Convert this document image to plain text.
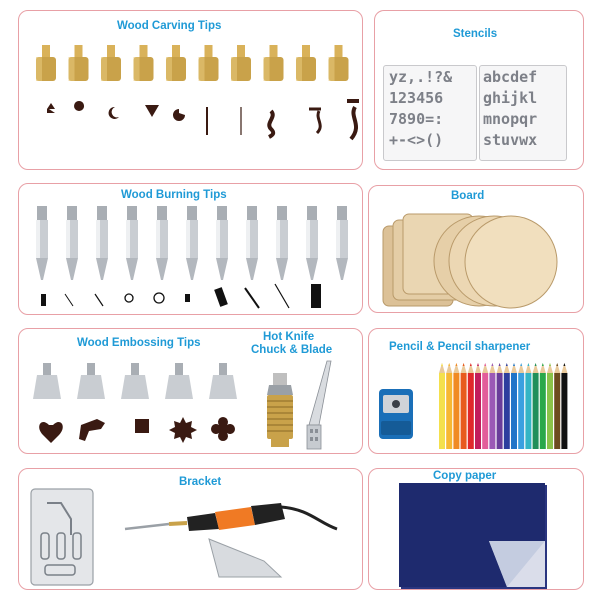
Wood Carving Tips
Stencils
yz,.!?&
123456
7890=:
+-<>()
abcdef
ghijkl
mnopqr
stuvwx
Wood Burning Tips	Board
Wood Embossing Tips	Hot Knife
Chuck & Blade	Pencil & Pencil sharpener
Bracket	Copy paper
